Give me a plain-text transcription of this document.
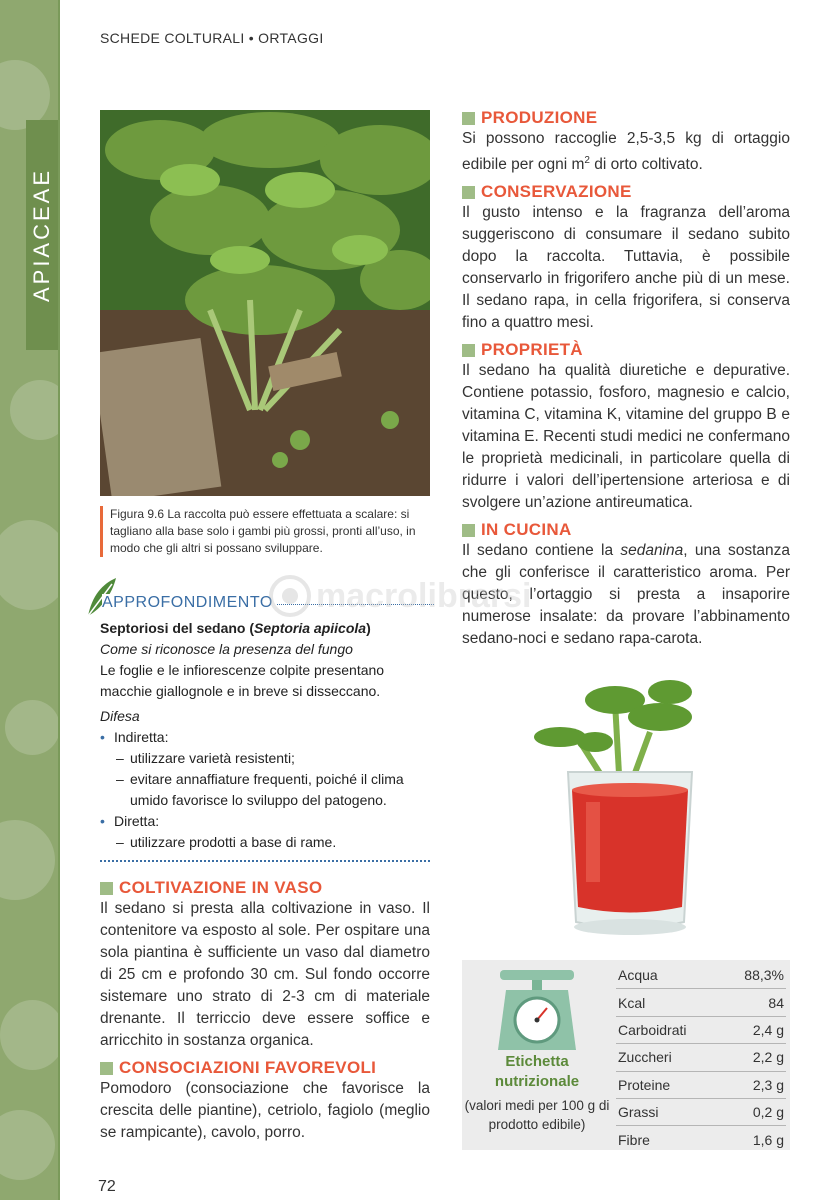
APIACEAE
SCHEDE COLTURALI • ORTAGGI
Figura 9.6 La raccolta può essere effettuata a scalare: si tagliano alla base solo i gambi più grossi, pronti all’uso, in modo che gli altri si possano sviluppare.
APPROFONDIMENTO
Septoriosi del sedano (Septoria apiicola)
Come si riconosce la presenza del fungo
Le foglie e le infiorescenze colpite presentano macchie giallognole e in breve si disseccano.
Difesa
• Indiretta:
– utilizzare varietà resistenti;
– evitare annaffiature frequenti, poiché il clima umido favorisce lo sviluppo del patogeno.
• Diretta:
– utilizzare prodotti a base di rame.
COLTIVAZIONE IN VASO
Il sedano si presta alla coltivazione in vaso. Il contenitore va esposto al sole. Per ospitare una sola piantina è sufficiente un vaso dal diametro di 25 cm e profondo 30 cm. Sul fondo occorre sistemare uno strato di 2-3 cm di materiale drenante. Il terriccio deve essere soffice e arricchito in sostanza organica.
CONSOCIAZIONI FAVOREVOLI
Pomodoro (consociazione che favorisce la crescita delle piantine), cetriolo, fagiolo (meglio se rampicante), cavolo, porro.
PRODUZIONE
Si possono raccoglie 2,5-3,5 kg di ortaggio edibile per ogni $m^2$ di orto coltivato.
CONSERVAZIONE
Il gusto intenso e la fragranza dell’aroma suggeriscono di consumare il sedano subito dopo la raccolta. Tuttavia, è possibile conservarlo in frigorifero anche più di un mese. Il sedano rapa, in cella frigorifera, si conserva fino a quattro mesi.
PROPRIETÀ
Il sedano ha qualità diuretiche e depurative. Contiene potassio, fosforo, magnesio e calcio, vitamina C, vitamina K, vitamine del gruppo B e vitamina E. Recenti studi medici ne confermano le proprietà medicinali, in particolare quella di ridurre i valori dell’ipertensione arteriosa e di svolgere un’azione antireumatica.
IN CUCINA
Il sedano contiene la sedanina, una sostanza che gli conferisce il caratteristico aroma. Per questo, l’ortaggio si presta a insaporire numerose insalate: da provare l’abbinamento sedano-noci e sedano rapa-carota.
macrolibrarsi
Etichetta
nutrizionale
(valori medi per 100 g di prodotto edibile)
Acqua	88,3%
Kcal	84
Carboidrati	2,4 g
Zuccheri	2,2 g
Proteine	2,3 g
Grassi	0,2 g
Fibre	1,6 g
72
